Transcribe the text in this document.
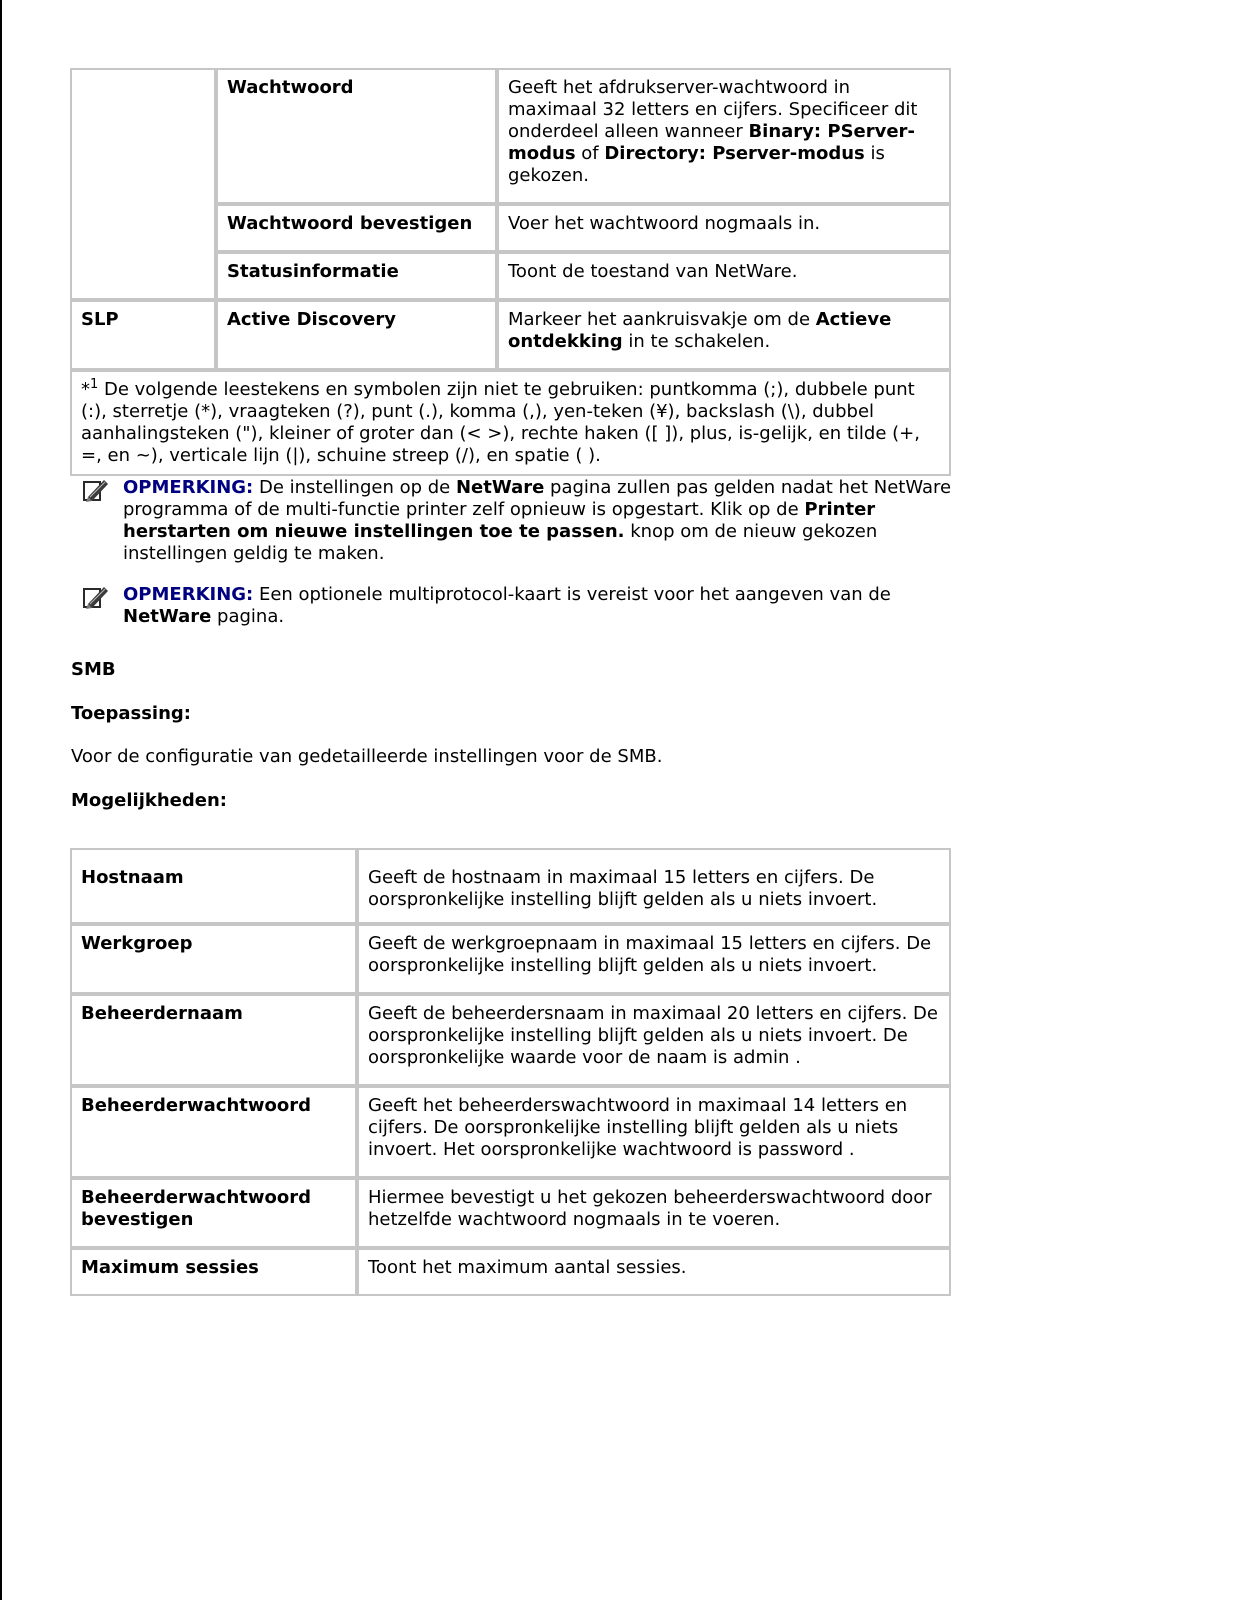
	Wachtwoord	Geeft het afdrukserver-wachtwoord in maximaal 32 letters en cijfers. Specificeer dit onderdeel alleen wanneer Binary: PServer-modus of Directory: Pserver-modus is gekozen.
	Wachtwoord bevestigen	Voer het wachtwoord nogmaals in.
	Statusinformatie	Toont de toestand van NetWare.
SLP	Active Discovery	Markeer het aankruisvakje om de Actieve ontdekking in te schakelen.
*$^1$ De volgende leestekens en symbolen zijn niet te gebruiken: puntkomma (;), dubbele punt (:), sterretje (*), vraagteken (?), punt (.), komma (,), yen-teken (¥), backslash (\), dubbel aanhalingsteken ("), kleiner of groter dan (< >), rechte haken ([ ]), plus, is-gelijk, en tilde (+, =, en ~), verticale lijn (|), schuine streep (/), en spatie ( ).		
OPMERKING: De instellingen op de NetWare pagina zullen pas gelden nadat het NetWare programma of de multi-functie printer zelf opnieuw is opgestart. Klik op de Printer herstarten om nieuwe instellingen toe te passen. knop om de nieuw gekozen instellingen geldig te maken.
OPMERKING: Een optionele multiprotocol-kaart is vereist voor het aangeven van de NetWare pagina.
SMB
Toepassing:
Voor de configuratie van gedetailleerde instellingen voor de SMB.
Mogelijkheden:
Hostnaam	Geeft de hostnaam in maximaal 15 letters en cijfers. De oorspronkelijke instelling blijft gelden als u niets invoert.
Werkgroep	Geeft de werkgroepnaam in maximaal 15 letters en cijfers. De oorspronkelijke instelling blijft gelden als u niets invoert.
Beheerdernaam	Geeft de beheerdersnaam in maximaal 20 letters en cijfers. De oorspronkelijke instelling blijft gelden als u niets invoert. De oorspronkelijke waarde voor de naam is admin .
Beheerderwachtwoord	Geeft het beheerderswachtwoord in maximaal 14 letters en cijfers. De oorspronkelijke instelling blijft gelden als u niets invoert. Het oorspronkelijke wachtwoord is password .
Beheerderwachtwoord bevestigen	Hiermee bevestigt u het gekozen beheerderswachtwoord door hetzelfde wachtwoord nogmaals in te voeren.
Maximum sessies	Toont het maximum aantal sessies.
